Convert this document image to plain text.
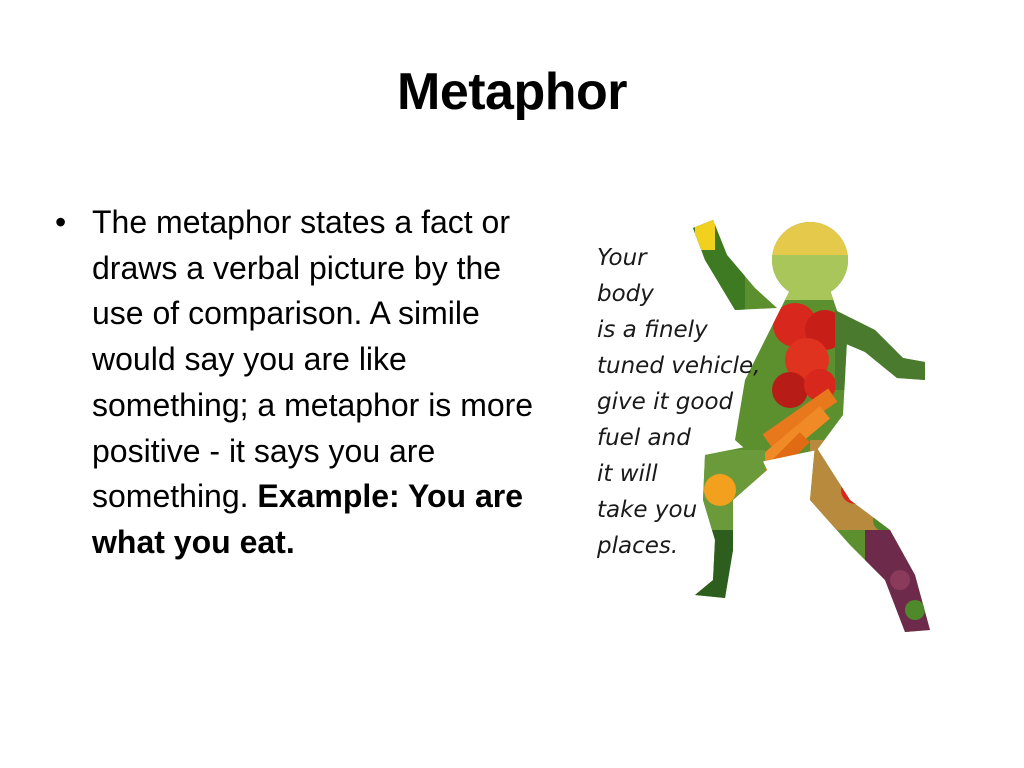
Metaphor
• The metaphor states a fact or draws a verbal picture by the use of comparison. A simile would say you are like something; a metaphor is more positive - it says you are something. Example: You are what you eat.
Your
body
is a finely
tuned vehicle,
give it good
fuel and
it will
take you
places.
